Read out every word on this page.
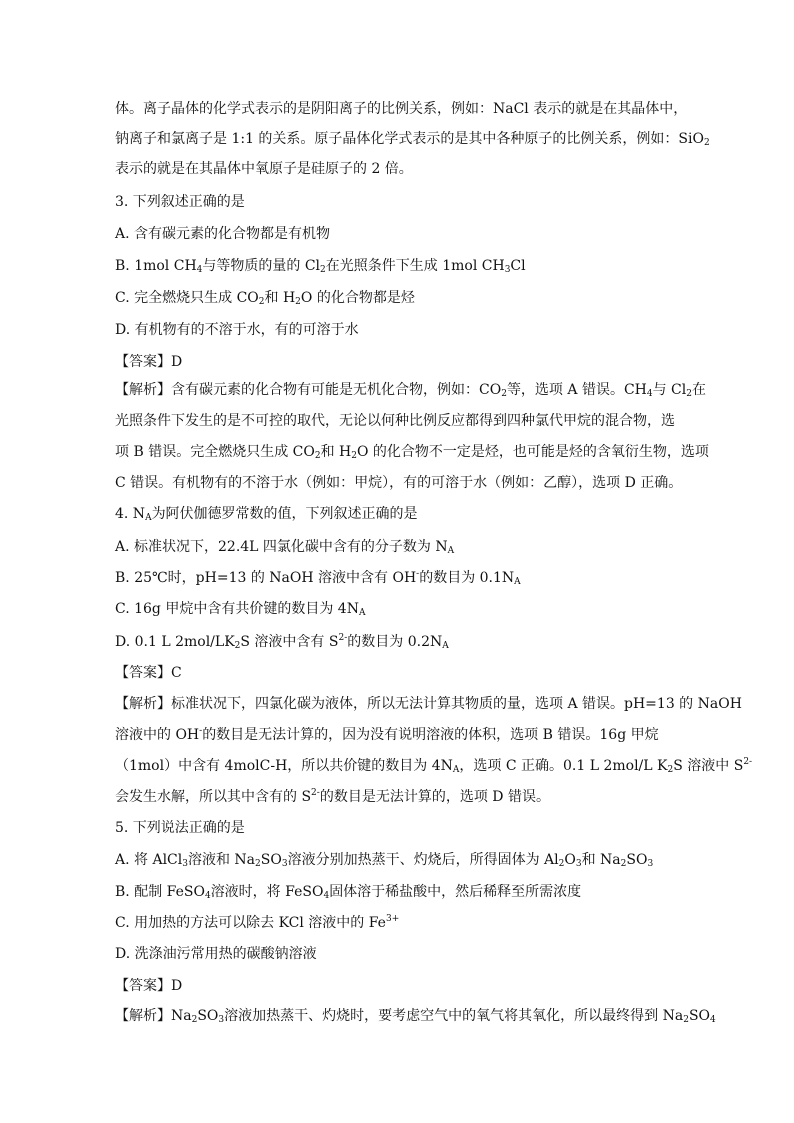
体。离子晶体的化学式表示的是阴阳离子的比例关系，例如：NaCl 表示的就是在其晶体中，
钠离子和氯离子是 1:1 的关系。原子晶体化学式表示的是其中各种原子的比例关系，例如：SiO$_2$
表示的就是在其晶体中氧原子是硅原子的 2 倍。
3. 下列叙述正确的是
A. 含有碳元素的化合物都是有机物
B. 1mol $CH_4$与等物质的量的 $Cl_2$在光照条件下生成 1mol $CH_3Cl$
C. 完全燃烧只生成 $CO_2$和 $H_2O$ 的化合物都是烃
D. 有机物有的不溶于水，有的可溶于水
【答案】D
【解析】含有碳元素的化合物有可能是无机化合物，例如：$CO_2$等，选项 A 错误。$CH_4$与 $Cl_2$在
光照条件下发生的是不可控的取代，无论以何种比例反应都得到四种氯代甲烷的混合物，选
项 B 错误。完全燃烧只生成 $CO_2$和 $H_2O$ 的化合物不一定是烃，也可能是烃的含氧衍生物，选项
C 错误。有机物有的不溶于水（例如：甲烷），有的可溶于水（例如：乙醇），选项 D 正确。
4. $N_A$为阿伏伽德罗常数的值，下列叙述正确的是
A. 标准状况下，22.4L 四氯化碳中含有的分子数为 $N_A$
B. 25℃时，pH=13 的 NaOH 溶液中含有 OH-的数目为 $0.1N_A$
C. 16g 甲烷中含有共价键的数目为 $4N_A$
D. 0.1 L $2mol/LK_2S$ 溶液中含有 $S^{2-}$的数目为 $0.2N_A$
【答案】C
【解析】标准状况下，四氯化碳为液体，所以无法计算其物质的量，选项 A 错误。pH=13 的 NaOH
溶液中的 OH-的数目是无法计算的，因为没有说明溶液的体积，选项 B 错误。16g 甲烷
（1mol）中含有 4molC-H，所以共价键的数目为 $4N_A$，选项 C 正确。0.1 L 2mol/L $K_2S$ 溶液中 $S^{2-}$
会发生水解，所以其中含有的 $S^{2-}$的数目是无法计算的，选项 D 错误。
5. 下列说法正确的是
A. 将 AlCl$_3$溶液和 $Na_2SO_3$溶液分别加热蒸干、灼烧后，所得固体为 $Al_2O_3$和 $Na_2SO_3$
B. 配制 FeSO$_4$溶液时，将 FeSO$_4$固体溶于稀盐酸中，然后稀释至所需浓度
C. 用加热的方法可以除去 KCl 溶液中的 $Fe^{3+}$
D. 洗涤油污常用热的碳酸钠溶液
【答案】D
【解析】$Na_2SO_3$溶液加热蒸干、灼烧时，要考虑空气中的氧气将其氧化，所以最终得到 $Na_2SO_4$
